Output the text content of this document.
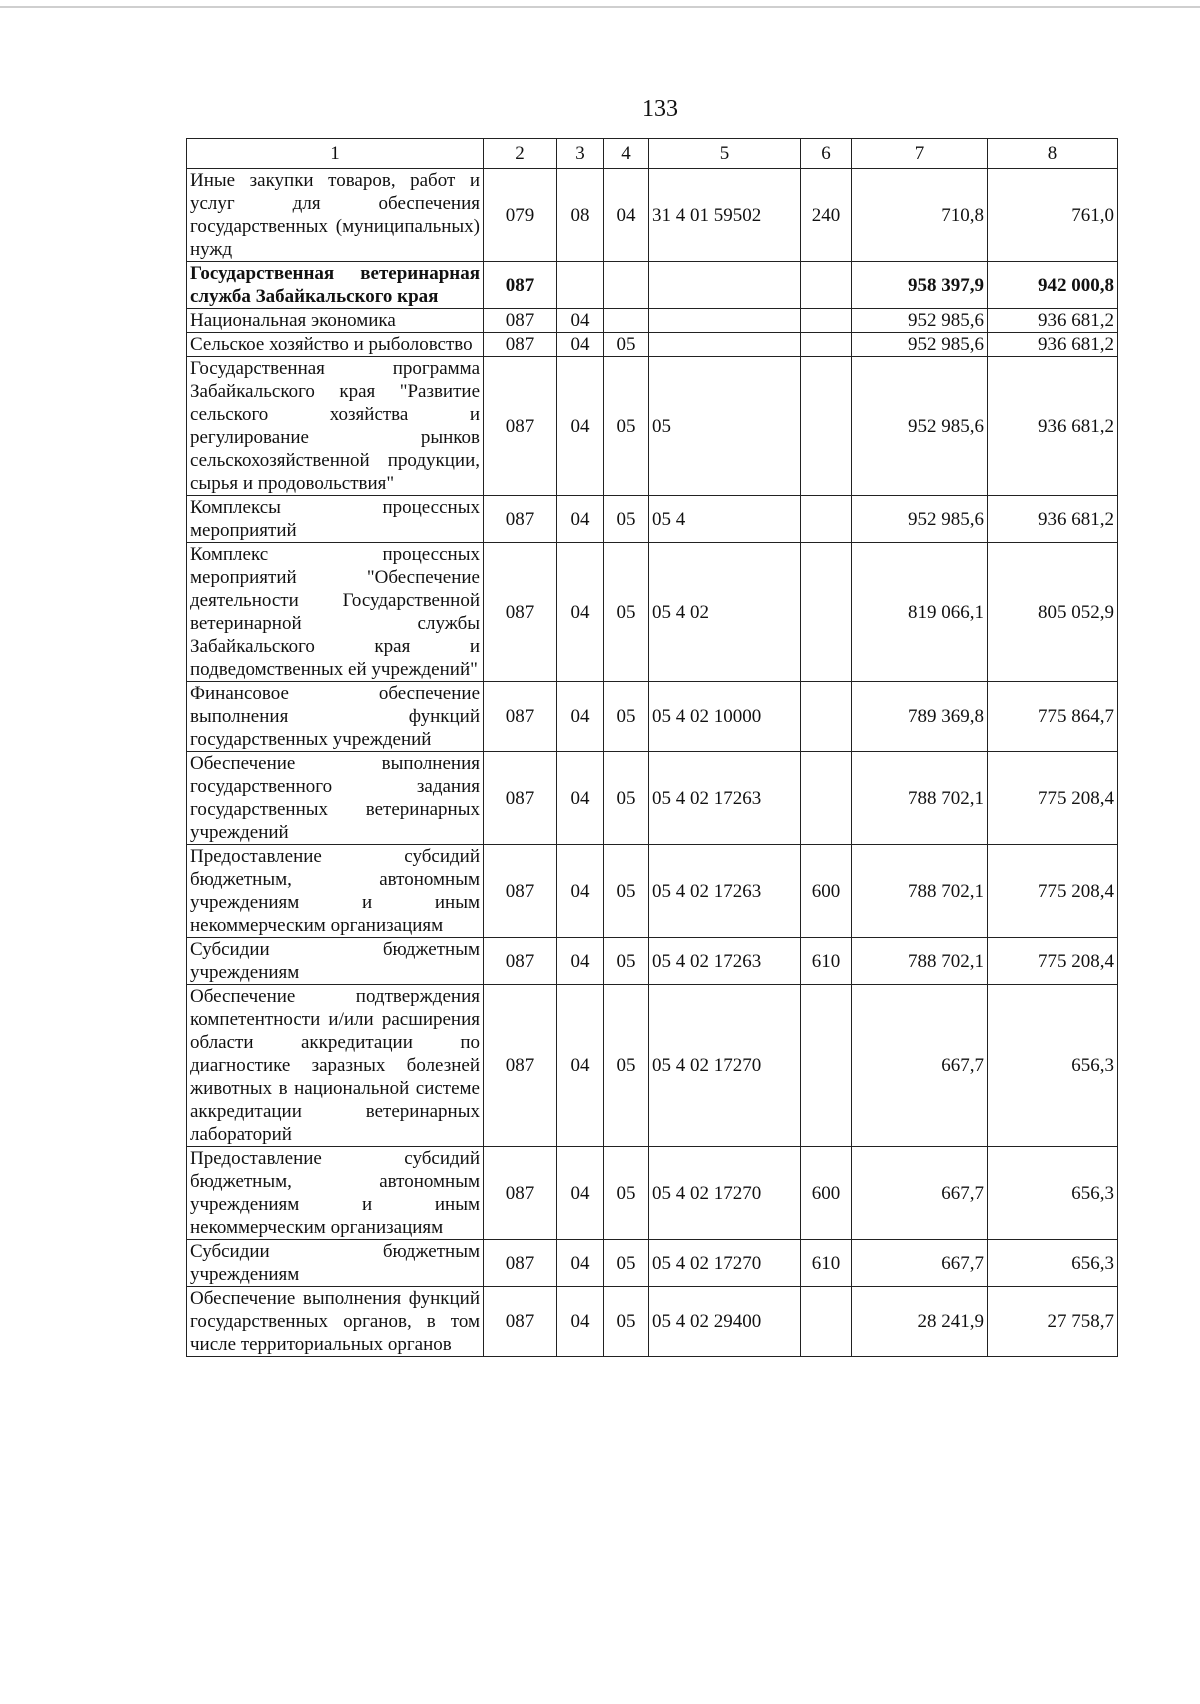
133
1	2	3	4	5	6	7	8
Иные закупки товаров, работ и услуг для обеспечения государственных (муниципальных) нужд	079	08	04	31 4 01 59502	240	710,8	761,0
Государственная ветеринарная служба Забайкальского края	087					958 397,9	942 000,8
Национальная экономика	087	04				952 985,6	936 681,2
Сельское хозяйство и рыболовство	087	04	05			952 985,6	936 681,2
Государственная программа Забайкальского края "Развитие сельского хозяйства и регулирование рынков сельскохозяйственной продукции, сырья и продовольствия"	087	04	05	05		952 985,6	936 681,2
Комплексы процессных мероприятий	087	04	05	05 4		952 985,6	936 681,2
Комплекс процессных мероприятий "Обеспечение деятельности Государственной ветеринарной службы Забайкальского края и подведомственных ей учреждений"	087	04	05	05 4 02		819 066,1	805 052,9
Финансовое обеспечение выполнения функций государственных учреждений	087	04	05	05 4 02 10000		789 369,8	775 864,7
Обеспечение выполнения государственного задания государственных ветеринарных учреждений	087	04	05	05 4 02 17263		788 702,1	775 208,4
Предоставление субсидий бюджетным, автономным учреждениям и иным некоммерческим организациям	087	04	05	05 4 02 17263	600	788 702,1	775 208,4
Субсидии бюджетным учреждениям	087	04	05	05 4 02 17263	610	788 702,1	775 208,4
Обеспечение подтверждения компетентности и/или расширения области аккредитации по диагностике заразных болезней животных в национальной системе аккредитации ветеринарных лабораторий	087	04	05	05 4 02 17270		667,7	656,3
Предоставление субсидий бюджетным, автономным учреждениям и иным некоммерческим организациям	087	04	05	05 4 02 17270	600	667,7	656,3
Субсидии бюджетным учреждениям	087	04	05	05 4 02 17270	610	667,7	656,3
Обеспечение выполнения функций государственных органов, в том числе территориальных органов	087	04	05	05 4 02 29400		28 241,9	27 758,7
